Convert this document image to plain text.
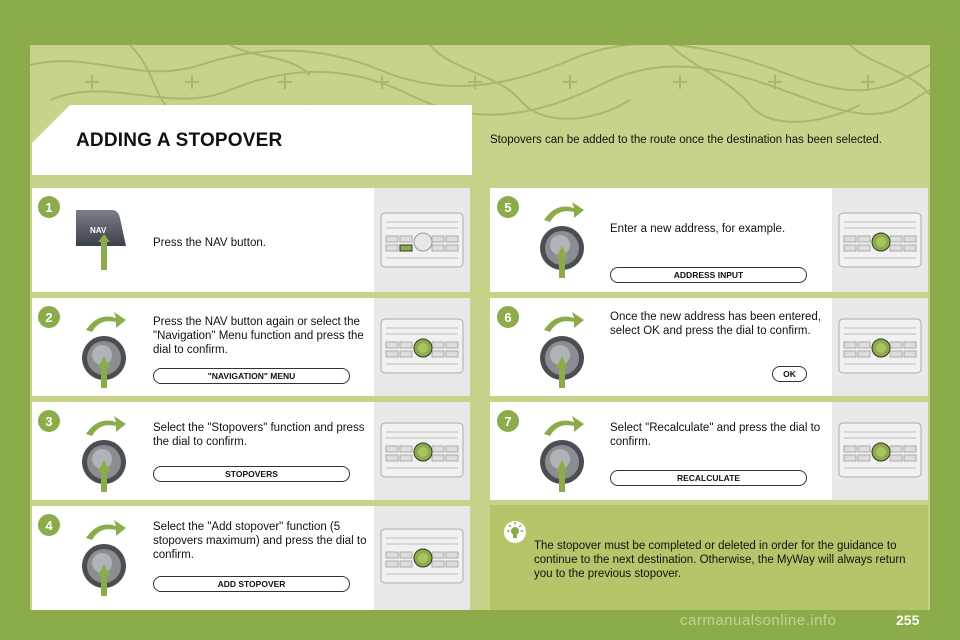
ADDING A STOPOVER	Stopovers can be added to the route once the destination has been selected.
1
2
3
4
5
6
7
Press the NAV button.
Press the NAV button again or select the "Navigation" Menu function and press the dial to confirm.
Select the "Stopovers" function and press the dial to confirm.
Select the "Add stopover" function (5 stopovers maximum) and press the dial to confirm.
Enter a new address, for example.
Once the new address has been entered, select OK and press the dial to confirm.
Select "Recalculate" and press the dial to confirm.
"NAVIGATION" MENU
STOPOVERS
ADD STOPOVER
ADDRESS INPUT
OK
RECALCULATE
NAV
The stopover must be completed or deleted in order for the guidance to continue to the next destination. Otherwise, the MyWay will always return you to the previous stopover.
carmanualsonline.info	255
